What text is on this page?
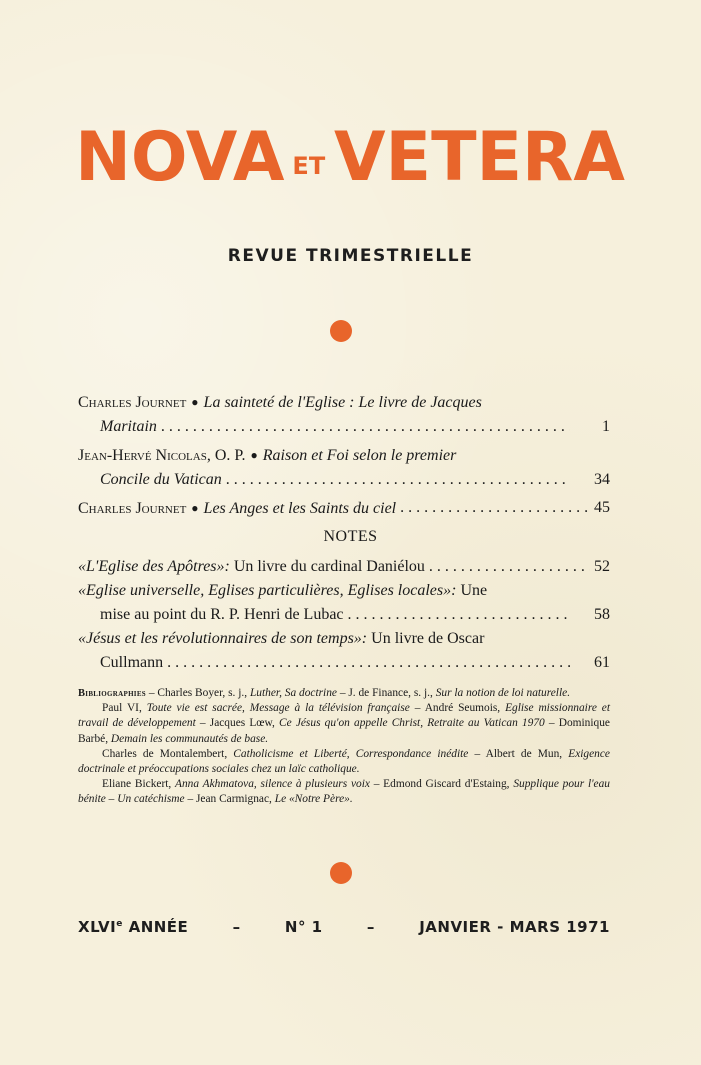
NOVA ET VETERA
REVUE TRIMESTRIELLE
Charles Journet ● La sainteté de l'Eglise : Le livre de Jacques
Maritain . . .	1
Jean-Hervé Nicolas, O. P. ● Raison et Foi selon le premier
Concile du Vatican . . .	34
Charles Journet ● Les Anges et les Saints du ciel . . .	45
NOTES
«L'Eglise des Apôtres»: Un livre du cardinal Daniélou . . .	52
«Eglise universelle, Eglises particulières, Eglises locales»: Une
mise au point du R. P. Henri de Lubac . . .	58
«Jésus et les révolutionnaires de son temps»: Un livre de Oscar
Cullmann . . .	61

Bibliographies – Charles Boyer, s. j., Luther, Sa doctrine – J. de Finance, s. j., Sur la notion de loi naturelle.

Paul VI, Toute vie est sacrée, Message à la télévision française – André Seumois, Eglise missionnaire et travail de développement – Jacques Lœw, Ce Jésus qu'on appelle Christ, Retraite au Vatican 1970 – Dominique Barbé, Demain les communautés de base.

Charles de Montalembert, Catholicisme et Liberté, Correspondance inédite – Albert de Mun, Exigence doctrinale et préoccupations sociales chez un laïc catholique.

Eliane Bickert, Anna Akhmatova, silence à plusieurs voix – Edmond Giscard d'Estaing, Supplique pour l'eau bénite – Un catéchisme – Jean Carmignac, Le «Notre Père».

XLVIe ANNÉE	–	N° 1	–	JANVIER - MARS 1971
